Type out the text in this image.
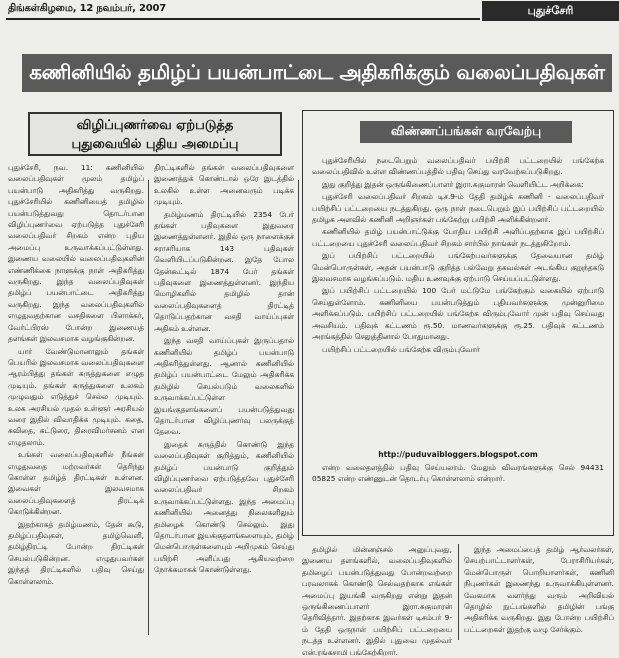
திங்கள்கிழமை, 12 நவம்பர், 2007	புதுச்சேரி
கணினியில் தமிழ்ப் பயன்பாட்டை அதிகரிக்கும் வலைப்பதிவுகள்
விழிப்புணர்வை ஏற்படுத்த
புதுவையில் புதிய அமைப்பு

புதுச்சேரி, நவ. 11: கணினியில் வலைப்பதிவுகள் மூலம் தமிழ்ப் பயன்பாடு அதிகரித்து வருகிறது. புதுச்சேரியில் கணினியைத் தமிழில் பயன்படுத்துவது தொடர்பான விழிப்புணர்வை ஏற்படுத்த புதுச்சேரி வலைப்பதிவர் சிறகம் என்ற புதிய அமைப்பு உருவாக்கப்பட்டுள்ளது. இணைய வலையில் வலைப்பதிவுகளின் எண்ணிக்கை நாளுக்கு நாள் அதிகரித்து வருகிறது. இந்த வலைப்பதிவுகள் தமிழ்ப் பயன்பாட்டை அதிகரித்து வருகிறது. இந்த வலைப்பதிவுகளில் எழுதுவதற்கான வசதிகளை பிளாக்கர், வேர்ட்பிரஸ் போன்ற இணையத் தளங்கள் இலவசமாக வழங்குகின்றன.

யார் வேண்டுமானாலும் தங்கள் பெயரில் இலவசமாக வலைப்பதிவுகளை ஆரம்பித்து தங்கள் கருத்துகளை எழுத முடியும். தங்கள் கருத்துகளை உலகம் முழுவதும் எடுத்துச் செல்ல முடியும். உலக அரசியல் முதல் உள்ளூர் அரசியல் வரை இதில் விவாதிக்க முடியும். கதை, கவிதை, கட்டுரை, திரைவிமர்சனம் என எழுதலாம்.

உங்கள் வலைப்பதிவுகளில் நீங்கள் எழுதுவதை மற்றவர்கள் தெரிந்து கொள்ள தமிழ்த் திரட்டிகள் உள்ளன. இவைகள் இலவசமாக வலைப்பதிவுகளைத் திரட்டிக் கொடுக்கின்றன.

இதற்காகத் தமிழ்மணம், தேன் கூடு, தமிழ்ப்பதிவுகள், தமிழ்வெளி, தமிழ்திரட்டி போன்ற திரட்டிகள் செயல்படுகின்றன. எழுதுபவர்கள் இந்தத் திரட்டிகளில் பதிவு செய்து கொள்ளலாம்.

திரட்டிகளில் தங்கள் வலைப்பதிவுகளை இணைத்துக் கொண்டால் ஒரே இடத்தில் உலகில் உள்ள அனைவரும் படிக்க முடியும்.

தமிழ்மணம் திரட்டியில் 2354 பேர் தங்கள் பதிவுகளை இதுவரை இணைத்துள்ளனர். இதில் ஒரு நாளைக்குச் சராசரியாக 143 பதிவுகள் வெளியிடப்படுகின்றன. இதே போல தேன்கூட்டில் 1874 பேர் தங்கள் பதிவுகளை இணைத்துள்ளனர். இந்திய மொழிகளில் தமிழில் தான் வலைப்பதிவுகளைத் திரட்டித் தொடுப்பதற்கான வசதி வாய்ப்புகள் அதிகம் உள்ளன.

இந்த வசதி வாய்ப்புகள் இருப்பதால் கணினியில் தமிழ்ப் பயன்பாடு அதிகரித்துள்ளது. ஆனால் கணினியில் தமிழ்ப் பயன்பாட்டை மேலும் அதிகரிக்க தமிழில் செயல்படும் வலைகளில் உருவாக்கப்பட்டுள்ள இயங்குதளங்களைப் பயன்படுத்துவது தொடர்பான விழிப்புணர்வு பலருக்குத் தேவை.

இதைக் கருத்தில் கொண்டு இந்த வலைப்பதிவுகள் குறித்தும், கணினியில் தமிழ்ப் பயன்பாடு குறித்தும் விழிப்புணர்வை ஏற்படுத்தவே புதுச்சேரி வலைப்பதிவர் சிறகம் உருவாக்கப்பட்டுள்ளது. இந்த அமைப்பு கணினியில் அனைத்து நிலைகளிலும் தமிழைக் கொண்டு செல்லும். இது தொடர்பான இயக்குதளங்களையும், தமிழ் மென்பொருள்களையும் அறிமுகம் செய்து பயிற்சி அளிப்பது ஆகியவற்றை நோக்கமாகக் கொண்டுள்ளது.

விண்ணப்பங்கள் வரவேற்பு

புதுச்சேரியில் நடைபெறும் வலைப்பதிவர் பயிற்சி பட்டறையில் பங்கேற்க வலைப்பதிவில் உள்ள விண்ணப்பத்தில் பதிவு செய்து வரவேற்கப்படுகிறது.

இது குறித்து இதன் ஒருங்கிணைப்பாளர் இரா.சுகுமாரன் வெளியிட்ட அறிக்கை:

புதுச்சேரி வலைப்பதிவர் சிறகம் டிச.9-ம் தேதி தமிழ்க் கணினி - வலைப்பதிவர் பயிற்சிப் பட்டறையை நடத்துகிறது. ஒரு நாள் நடைபெறும் இப் பயிற்சிப் பட்டறையில் தமிழக அளவில் கணினி அறிஞர்கள் பங்கேற்று பயிற்சி அளிக்கின்றனர்.

கணினியில் தமிழ் பயன்பாட்டுக்கு போதிய பயிற்சி அளிப்பதற்காக இப் பயிற்சிப் பட்டறையை புதுச்சேரி வலைப்பதிவர் சிறகம் சார்பில் நாங்கள் நடத்துகிறோம்.

இப் பயிற்சிப் பட்டறையில் பங்கேற்பவர்களுக்கு தேவையான தமிழ் மென்பொருள்கள், அதன் பயன்பாடு குறித்த பல்வேறு தகவல்கள் அடங்கிய குறுந்தகடு இலவசமாக வழங்கப்படும். மதிய உணவுக்கு ஏற்பாடு செய்யப்பட்டுள்ளது.

இப் பயிற்சிப் பட்டறையில் 100 பேர் மட்டுமே பங்கேற்கும் வகையில் ஏற்பாடு செய்துள்ளோம். கணினியை பயன்படுத்தும் புதியவர்களுக்கு முன்னுரிமை அளிக்கப்படும். பயிற்சிப் பட்டறையில் பங்கேற்க விரும்புவோர் முன் பதிவு செய்வது அவசியம். பதிவுக் கட்டணம் ரூ.50. மாணவர்களுக்கு ரூ.25. பதிவுக் கட்டணம் அரங்கத்தில் செலுத்தினால் போதுமானது.

பயிற்சிப் பட்டறையில் பங்கேற்க விரும்புவோர்

http://puduvaibloggers.blogspot.com

என்ற வலைதளத்தில் பதிவு செய்யலாம். மேலும் விவரங்களுக்கு செல் 94431 05825 என்ற எண்ணுடன் தொடர்பு கொள்ளலாம் என்றார்.

தமிழில் மின்னஞ்சல் அனுப்புவது, இணைய தளங்களில், வலைப்பதிவுகளில் தமிழைப் பயன்படுத்துவது போன்றவற்றை பரவலாகக் கொண்டு செல்வதற்காக எங்கள் அமைப்பு இயங்கி வருகிறது என்று இதன் ஒருங்கிணைப்பாளர் இரா.சுகுமாரன் தெரிவித்தார். இதற்காக இவர்கள் டிசம்பர் 9-ம் தேதி ஒருநாள் பயிற்சிப் பட்டறையை நடத்த உள்ளனர். இதில் புதுவை முதல்வர் என்.ரங்கசாமி பங்கேற்கிறார்.

இந்த அமைப்பைத் தமிழ் ஆர்வலர்கள், செயற்பாட்டாளர்கள், பேராசிரியர்கள், மென்பொருள் பொறியாளர்கள், கணினி நிபுணர்கள் இணைந்து உருவாக்கியுள்ளனர். வேகமாக வளர்ந்து வரும் அறிவியல் தொழில் நுட்பங்களில் தமிழின் பங்கு அதிகரிக்க வருகிறது. இது போன்ற பயிற்சிப் பட்டறைகள் இதற்கு வழு சேர்க்கும்.
